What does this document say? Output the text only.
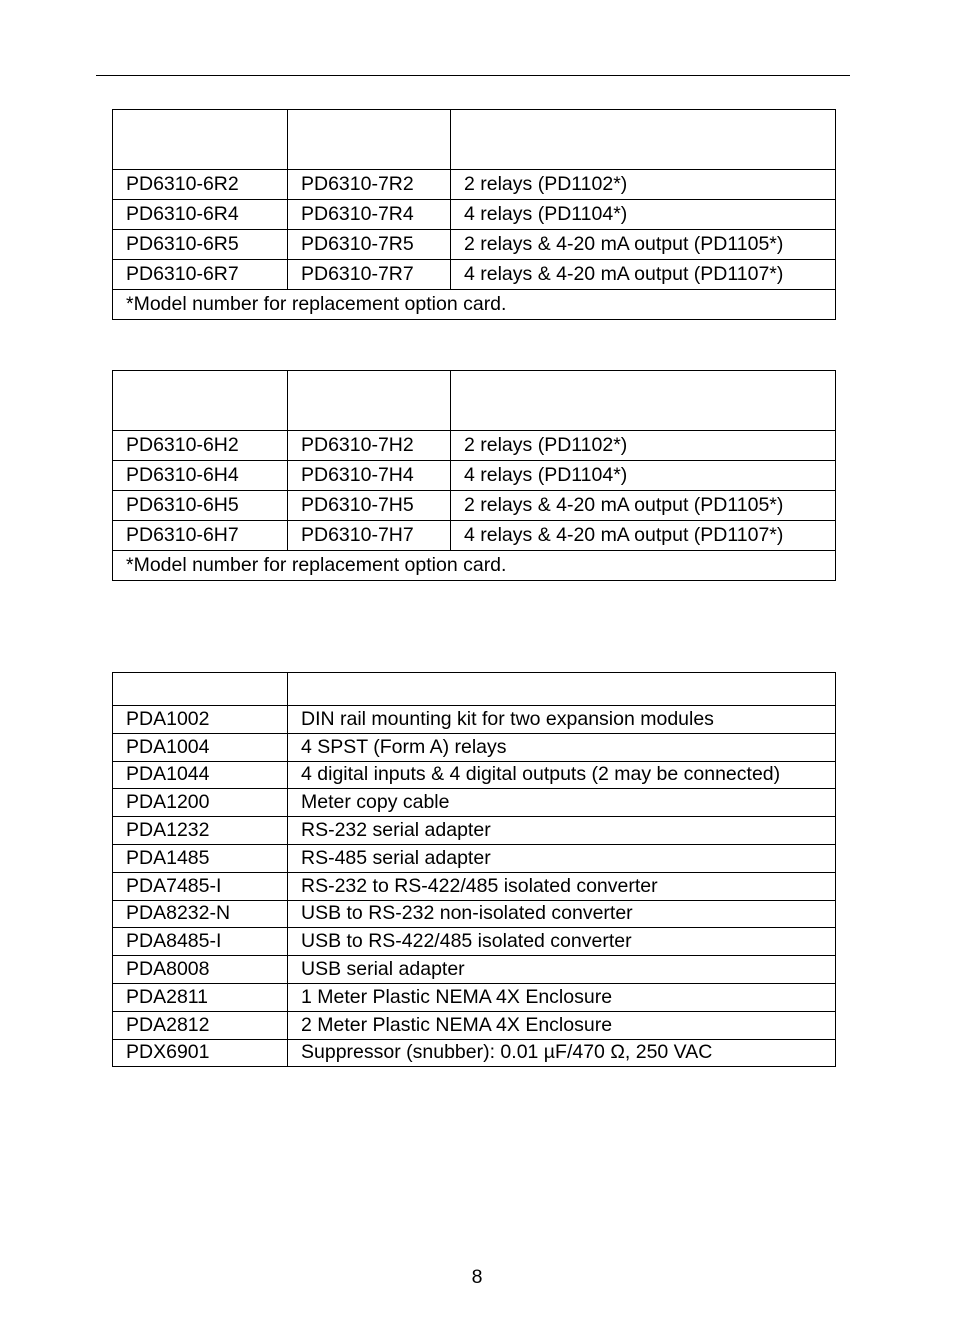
PD6310-6R2	PD6310-7R2	2 relays (PD1102*)
PD6310-6R4	PD6310-7R4	4 relays (PD1104*)
PD6310-6R5	PD6310-7R5	2 relays & 4-20 mA output (PD1105*)
PD6310-6R7	PD6310-7R7	4 relays & 4-20 mA output (PD1107*)
*Model number for replacement option card.		

PD6310-6H2	PD6310-7H2	2 relays (PD1102*)
PD6310-6H4	PD6310-7H4	4 relays (PD1104*)
PD6310-6H5	PD6310-7H5	2 relays & 4-20 mA output (PD1105*)
PD6310-6H7	PD6310-7H7	4 relays & 4-20 mA output (PD1107*)
*Model number for replacement option card.		

PDA1002	DIN rail mounting kit for two expansion modules
PDA1004	4 SPST (Form A) relays
PDA1044	4 digital inputs & 4 digital outputs (2 may be connected)
PDA1200	Meter copy cable
PDA1232	RS-232 serial adapter
PDA1485	RS-485 serial adapter
PDA7485-I	RS-232 to RS-422/485 isolated converter
PDA8232-N	USB to RS-232 non-isolated converter
PDA8485-I	USB to RS-422/485 isolated converter
PDA8008	USB serial adapter
PDA2811	1 Meter Plastic NEMA 4X Enclosure
PDA2812	2 Meter Plastic NEMA 4X Enclosure
PDX6901	Suppressor (snubber): 0.01 µF/470 Ω, 250 VAC
8
